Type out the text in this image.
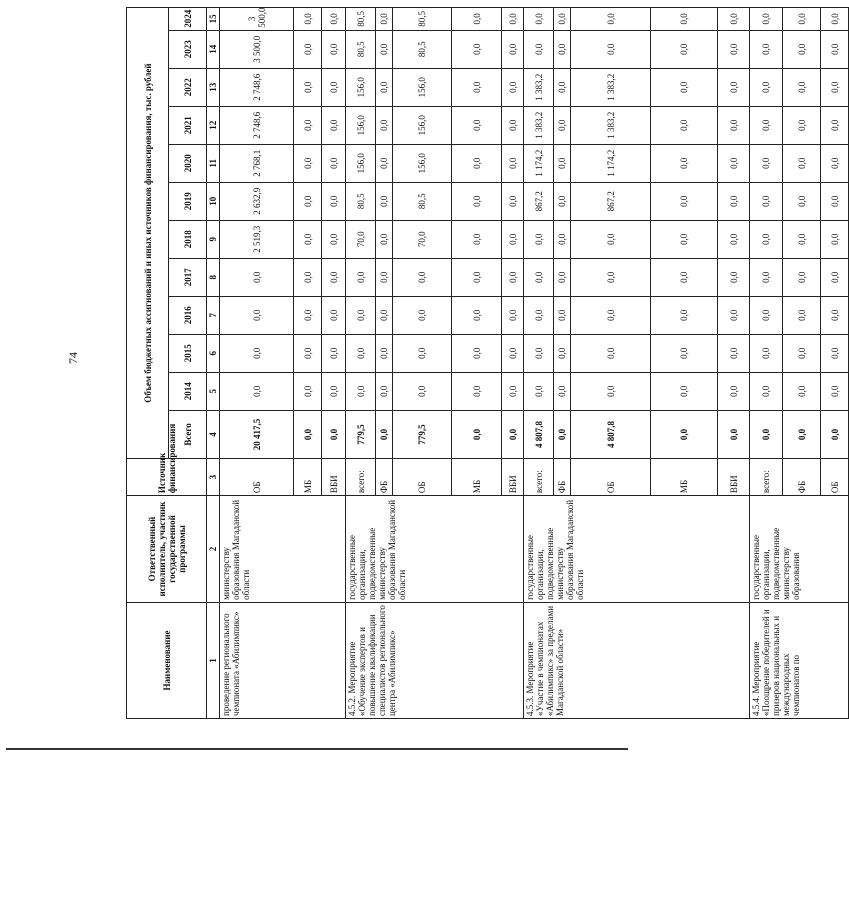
74
Наименование	Ответственный исполнитель, участник государственной программы	Источник финансирования	Объем бюджетных ассигнований и иных источников финансирования, тыс. рублей											
			Всего	2014	2015	2016	2017	2018	2019	2020	2021	2022	2023	2024
1	2	3	4	5	6	7	8	9	10	11	12	13	14	15
проведение регионального чемпионата «Абилимпикс»	министерству образования Магаданской области	ОБ	20 417,5	0,0	0,0	0,0	0,0	2 519,3	2 632,9	2 768,1	2 748,6	2 748,6	3 500,0	3 500,0
		МБ	0,0	0,0	0,0	0,0	0,0	0,0	0,0	0,0	0,0	0,0	0,0	0,0
		ВБИ	0,0	0,0	0,0	0,0	0,0	0,0	0,0	0,0	0,0	0,0	0,0	0,0
4.5.2. Мероприятие «Обучение экспертов и повышение квалификации специалистов регионального центра «Абилимпикс»	государственные организации, подведомственные министерству образования Магаданской области	всего:	779,5	0,0	0,0	0,0	0,0	70,0	80,5	156,0	156,0	156,0	80,5	80,5
		ФБ	0,0	0,0	0,0	0,0	0,0	0,0	0,0	0,0	0,0	0,0	0,0	0,0
		ОБ	779,5	0,0	0,0	0,0	0,0	70,0	80,5	156,0	156,0	156,0	80,5	80,5
		МБ	0,0	0,0	0,0	0,0	0,0	0,0	0,0	0,0	0,0	0,0	0,0	0,0
		ВБИ	0,0	0,0	0,0	0,0	0,0	0,0	0,0	0,0	0,0	0,0	0,0	0,0
4.5.3. Мероприятие «Участие в чемпионатах «Абилимпикс» за пределами Магаданской области»	государственные организации, подведомственные министерству образования Магаданской области	всего:	4 807,8	0,0	0,0	0,0	0,0	0,0	867,2	1 174,2	1 383,2	1 383,2	0,0	0,0
		ФБ	0,0	0,0	0,0	0,0	0,0	0,0	0,0	0,0	0,0	0,0	0,0	0,0
		ОБ	4 807,8	0,0	0,0	0,0	0,0	0,0	867,2	1 174,2	1 383,2	1 383,2	0,0	0,0
		МБ	0,0	0,0	0,0	0,0	0,0	0,0	0,0	0,0	0,0	0,0	0,0	0,0
		ВБИ	0,0	0,0	0,0	0,0	0,0	0,0	0,0	0,0	0,0	0,0	0,0	0,0
4.5.4. Мероприятие «Поощрение победителей и призеров национальных и международных чемпионатов по	государственные организации, подведомственные министерству образования	всего:	0,0	0,0	0,0	0,0	0,0	0,0	0,0	0,0	0,0	0,0	0,0	0,0
		ФБ	0,0	0,0	0,0	0,0	0,0	0,0	0,0	0,0	0,0	0,0	0,0	0,0
		ОБ	0,0	0,0	0,0	0,0	0,0	0,0	0,0	0,0	0,0	0,0	0,0	0,0
